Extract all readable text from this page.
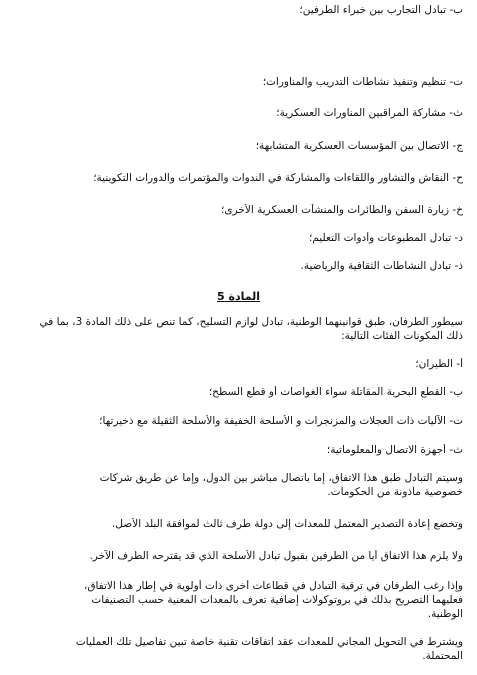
ب- تبادل التجارب بين خبراء الطرفين؛
ت- تنظيم وتنفيذ نشاطات التدريب والمناورات؛
ث- مشاركة المراقبين المناورات العسكرية؛
ج- الاتصال بين المؤسسات العسكرية المتشابهة؛
ح- النقاش والتشاور واللقاءات والمشاركة في الندوات والمؤتمرات والدورات التكوينية؛
خ- زيارة السفن والطائرات والمنشآت العسكرية الأخرى؛
د- تبادل المطبوعات وأدوات التعليم؛
ذ- تبادل النشاطات الثقافية والرياضية.
المادة 5
سيطور الطرفان، طبق قوانينهما الوطنية، تبادل لوازم التسليح، كما تنص على ذلك المادة 3، بما في
ذلك المكونات الفئات التالية:
أ- الطيران؛
ب- القطع البحرية المقاتلة سواء الغواصات أو قطع السطح؛
ت- الآليات ذات العجلات والمزنجرات و الأسلحة الخفيفة والأسلحة الثقيلة مع ذخيرتها؛
ث- أجهزة الاتصال والمعلوماتية؛
وسيتم التبادل طبق هذا الاتفاق، إما باتصال مباشر بين الدول، وإما عن طريق شركات
خصوصية مأذونة من الحكومات.
وتخضع إعادة التصدير المعتمل للمعدات إلى دولة طرف ثالث لموافقة البلد الأصل.
ولا يلزم هذا الاتفاق أيا من الطرفين بقبول تبادل الأسلحة الذي قد يقترحه الطرف الآخر.
وإذا رغب الطرفان في ترقية التبادل في قطاعات أخرى ذات أولوية في إطار هذا الاتفاق،
فعليهما التصريح بذلك في بروتوكولات إضافية تعرف بالمعدات المعنية حسب التصنيفات
الوطنية.
ويشترط في التحويل المجاني للمعدات عقد اتفاقات تقنية خاصة تبين تفاصيل تلك العمليات
المحتملة.
